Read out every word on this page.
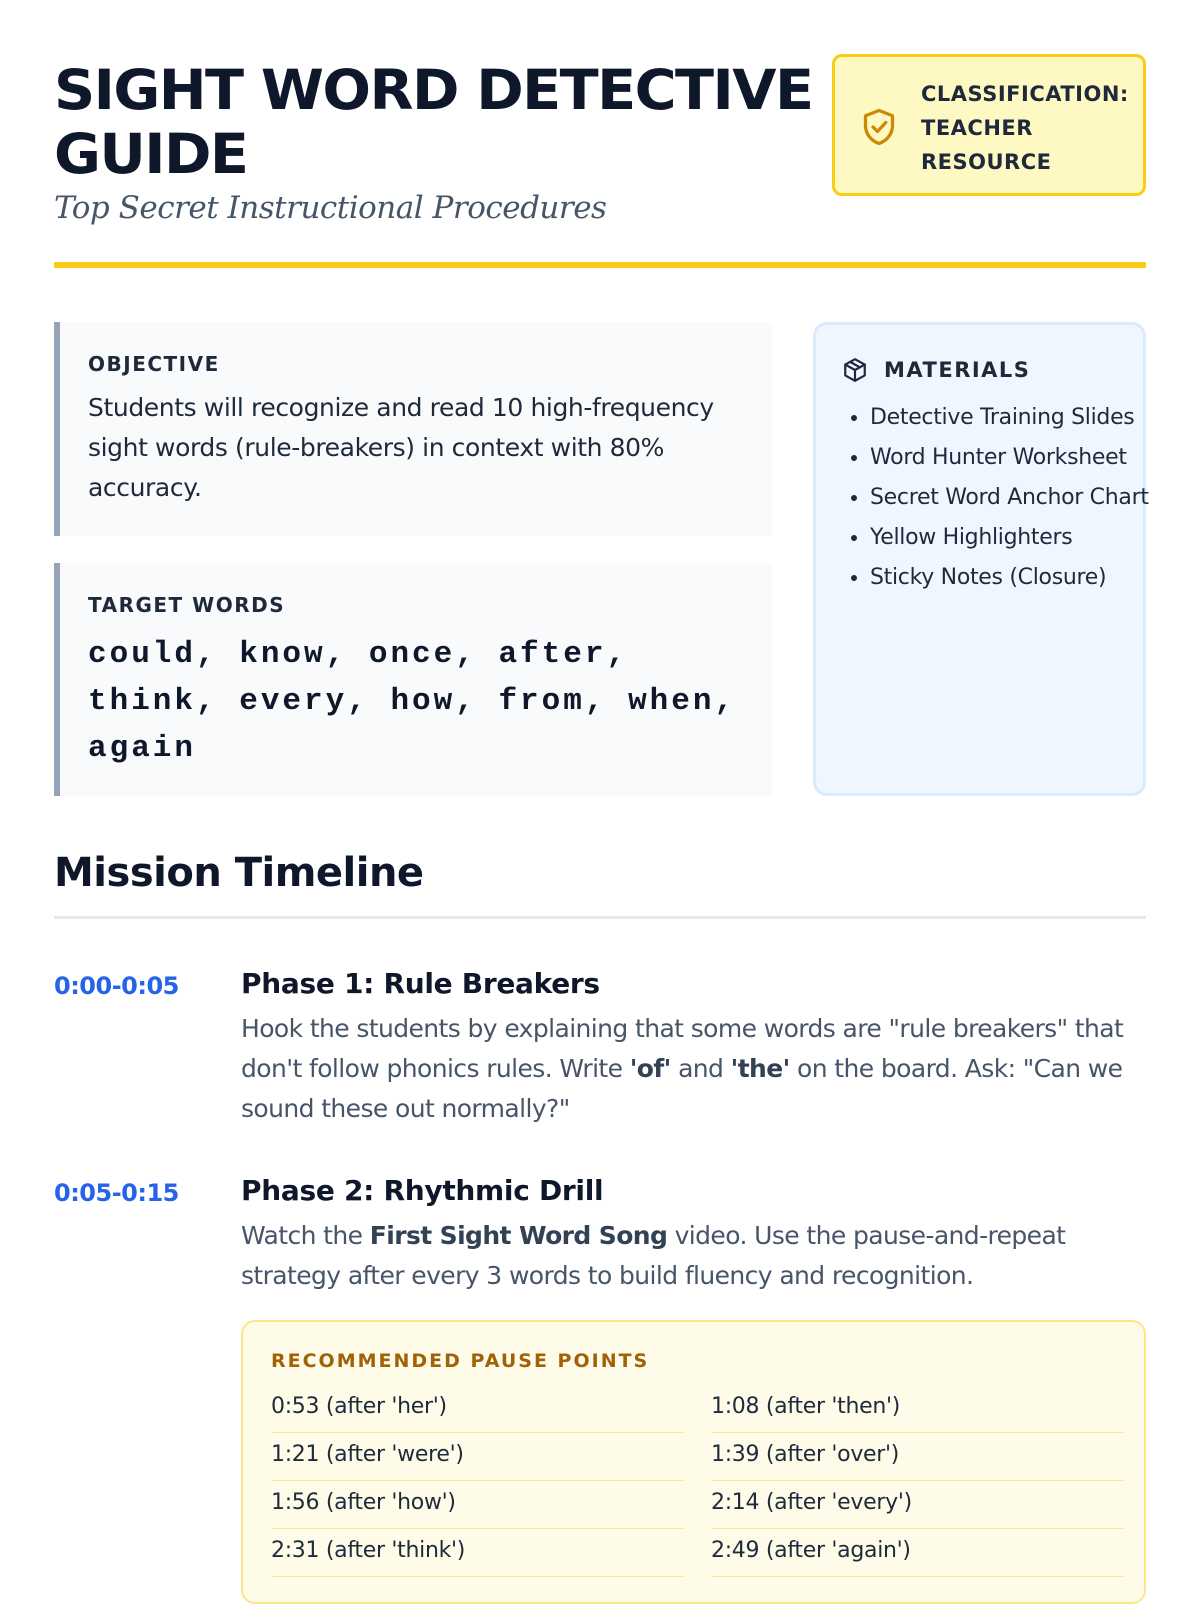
SIGHT WORD DETECTIVE GUIDE
Top Secret Instructional Procedures
CLASSIFICATION: TEACHER RESOURCE
OBJECTIVE
Students will recognize and read 10 high-frequency sight words (rule-breakers) in context with 80% accuracy.
TARGET WORDS
could, know, once, after, think, every, how, from, when, again
MATERIALS
• Detective Training Slides
• Word Hunter Worksheet
• Secret Word Anchor Chart
• Yellow Highlighters
• Sticky Notes (Closure)
Mission Timeline
0:00-0:05 Phase 1: Rule Breakers

Hook the students by explaining that some words are "rule breakers" that don't follow phonics rules. Write 'of' and 'the' on the board. Ask: "Can we sound these out normally?"

0:05-0:15 Phase 2: Rhythmic Drill

Watch the First Sight Word Song video. Use the pause-and-repeat strategy after every 3 words to build fluency and recognition.

RECOMMENDED PAUSE POINTS
0:53 (after 'her')	1:08 (after 'then')
1:21 (after 'were')	1:39 (after 'over')
1:56 (after 'how')	2:14 (after 'every')
2:31 (after 'think')	2:49 (after 'again')
